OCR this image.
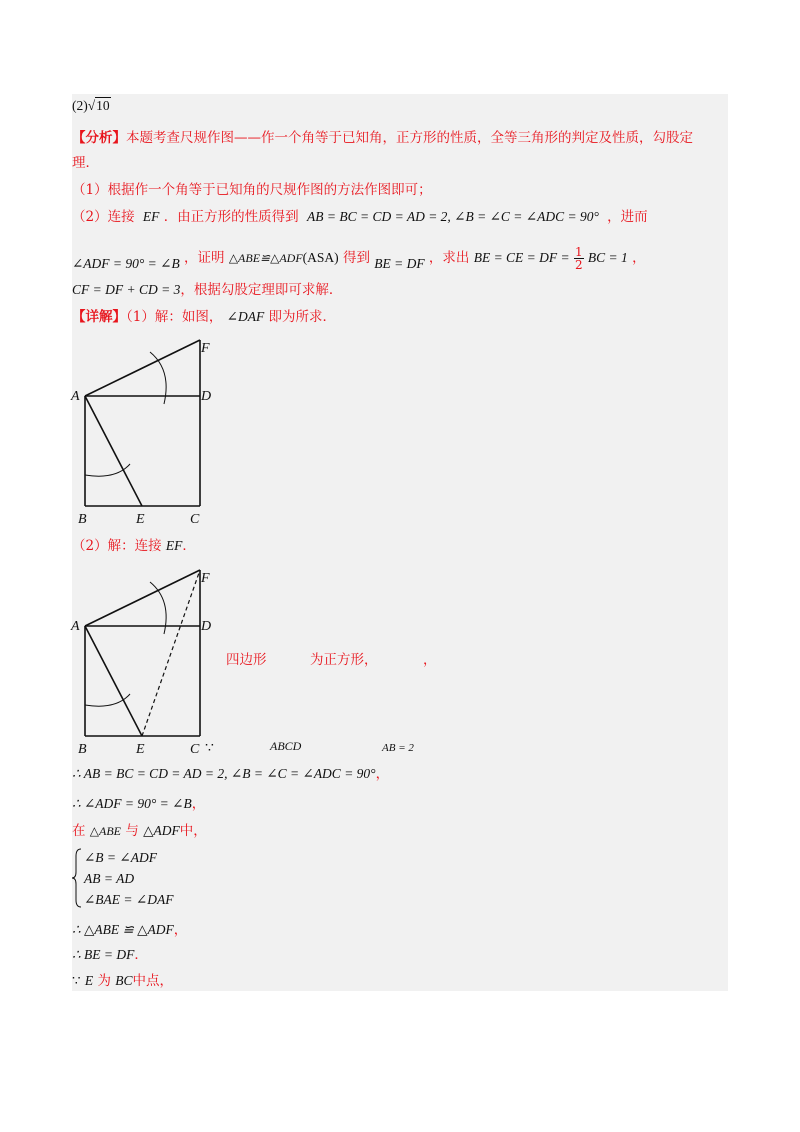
(2)√10
【分析】本题考查尺规作图——作一个角等于已知角，正方形的性质，全等三角形的判定及性质，勾股定
理．
（1）根据作一个角等于已知角的尺规作图的方法作图即可；
（2）连接 EF ．由正方形的性质得到 AB = BC = CD = AD = 2, ∠B = ∠C = ∠ADC = 90° ，进而
∠ADF = 90° = ∠B ，证明 △ABE≌△ADF(ASA) 得到 BE = DF ，求出 BE = CE = DF = $\frac{1}{2}$ BC = 1 ，
CF = DF + CD = 3，根据勾股定理即可求解．
【详解】（1）解：如图， ∠DAF 即为所求．
A
F
D
B	E	C
（2）解：连接 EF．
A
F
D
B	E	C
四边形	为正方形，	，
∵	ABCD	AB = 2
∴ AB = BC = CD = AD = 2, ∠B = ∠C = ∠ADC = 90°，
∴ ∠ADF = 90° = ∠B，
在 △ABE 与 △ADF中，
∠B = ∠ADF
AB = AD
∠BAE = ∠DAF
∴ △ABE ≌ △ADF，
∴ BE = DF．
∵ E 为 BC中点，
